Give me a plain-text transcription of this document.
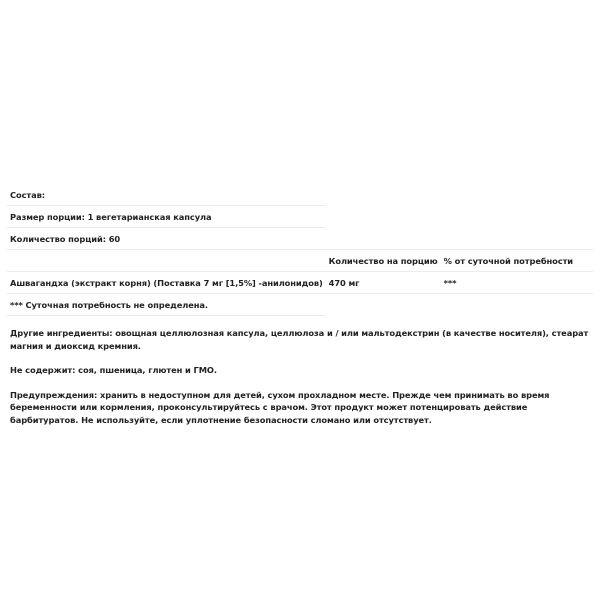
Состав:		
Размер порции: 1 вегетарианская капсула		
Количество порций: 60		
	Количество на порцию	% от суточной потребности
Ашвагандха (экстракт корня) (Поставка 7 мг [1,5%] -анилонидов)	470 мг	***
*** Суточная потребность не определена.		

Другие ингредиенты: овощная целлюлозная капсула, целлюлоза и / или мальтодекстрин (в качестве носителя), стеарат магния и диоксид кремния.

Не содержит: соя, пшеница, глютен и ГМО.

Предупреждения: хранить в недоступном для детей, сухом прохладном месте. Прежде чем принимать во время беременности или кормления, проконсультируйтесь с врачом. Этот продукт может потенцировать действие барбитуратов. Не используйте, если уплотнение безопасности сломано или отсутствует.
